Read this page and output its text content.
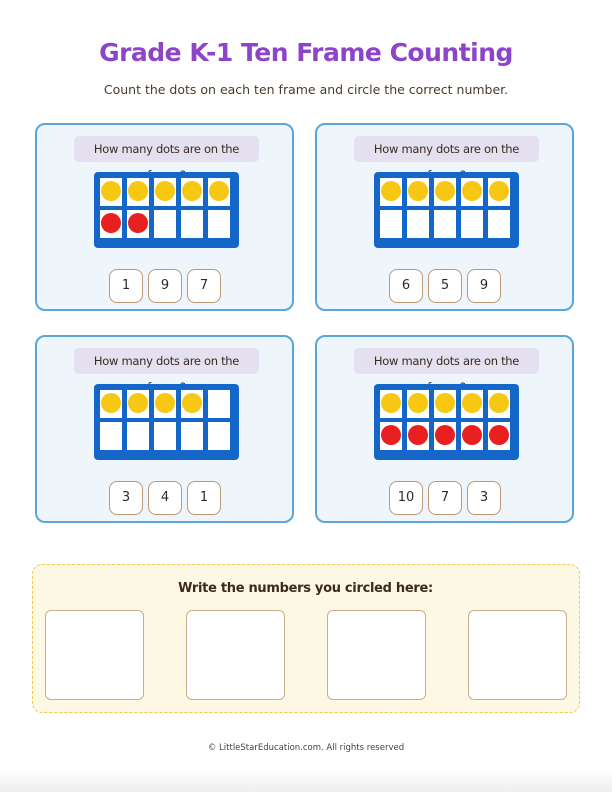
Grade K-1 Ten Frame Counting
Count the dots on each ten frame and circle the correct number.
How many dots are on the
1	9	7
How many dots are on the
6	5	9
How many dots are on the
3	4	1
How many dots are on the
10	7	3
Write the numbers you circled here:
© LittleStarEducation.com. All rights reserved
